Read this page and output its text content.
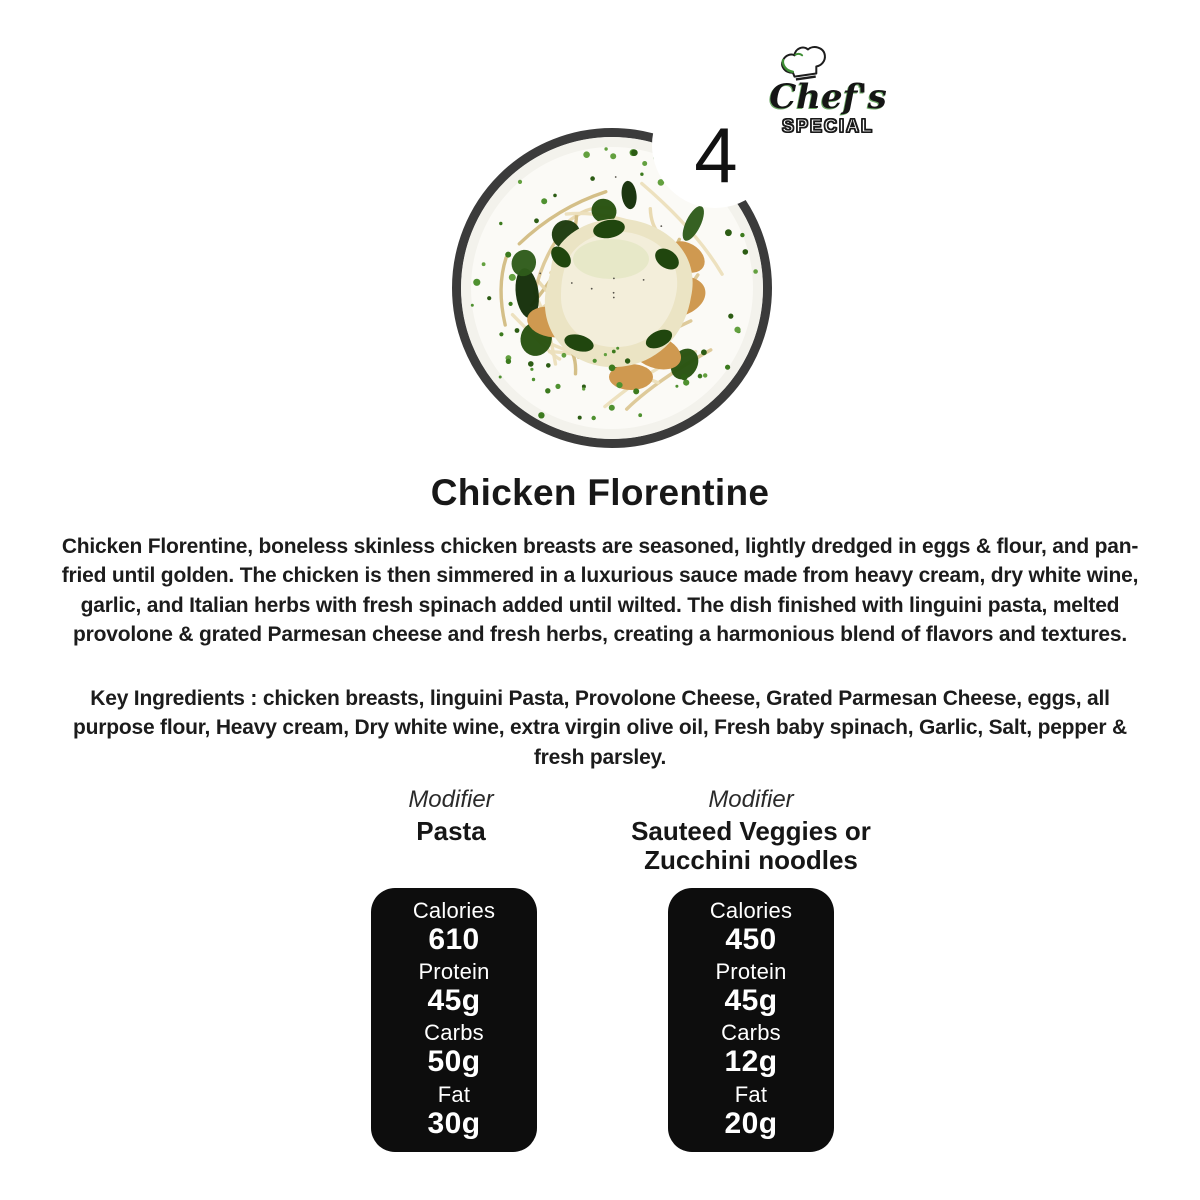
Chef's
SPECIAL
4
Chicken Florentine
Chicken Florentine, boneless skinless chicken breasts are seasoned, lightly dredged in eggs & flour, and pan-fried until golden. The chicken is then simmered in a luxurious sauce made from heavy cream, dry white wine, garlic, and Italian herbs with fresh spinach added until wilted. The dish finished with linguini pasta, melted provolone & grated Parmesan cheese and fresh herbs, creating a harmonious blend of flavors and textures.
Key Ingredients : chicken breasts, linguini Pasta, Provolone Cheese, Grated Parmesan Cheese, eggs, all purpose flour, Heavy cream, Dry white wine, extra virgin olive oil, Fresh baby spinach, Garlic, Salt, pepper & fresh parsley.
Modifier
Pasta
Modifier
Sauteed Veggies or Zucchini noodles
Calories
610
Protein
45g
Carbs
50g
Fat
30g
Calories
450
Protein
45g
Carbs
12g
Fat
20g
